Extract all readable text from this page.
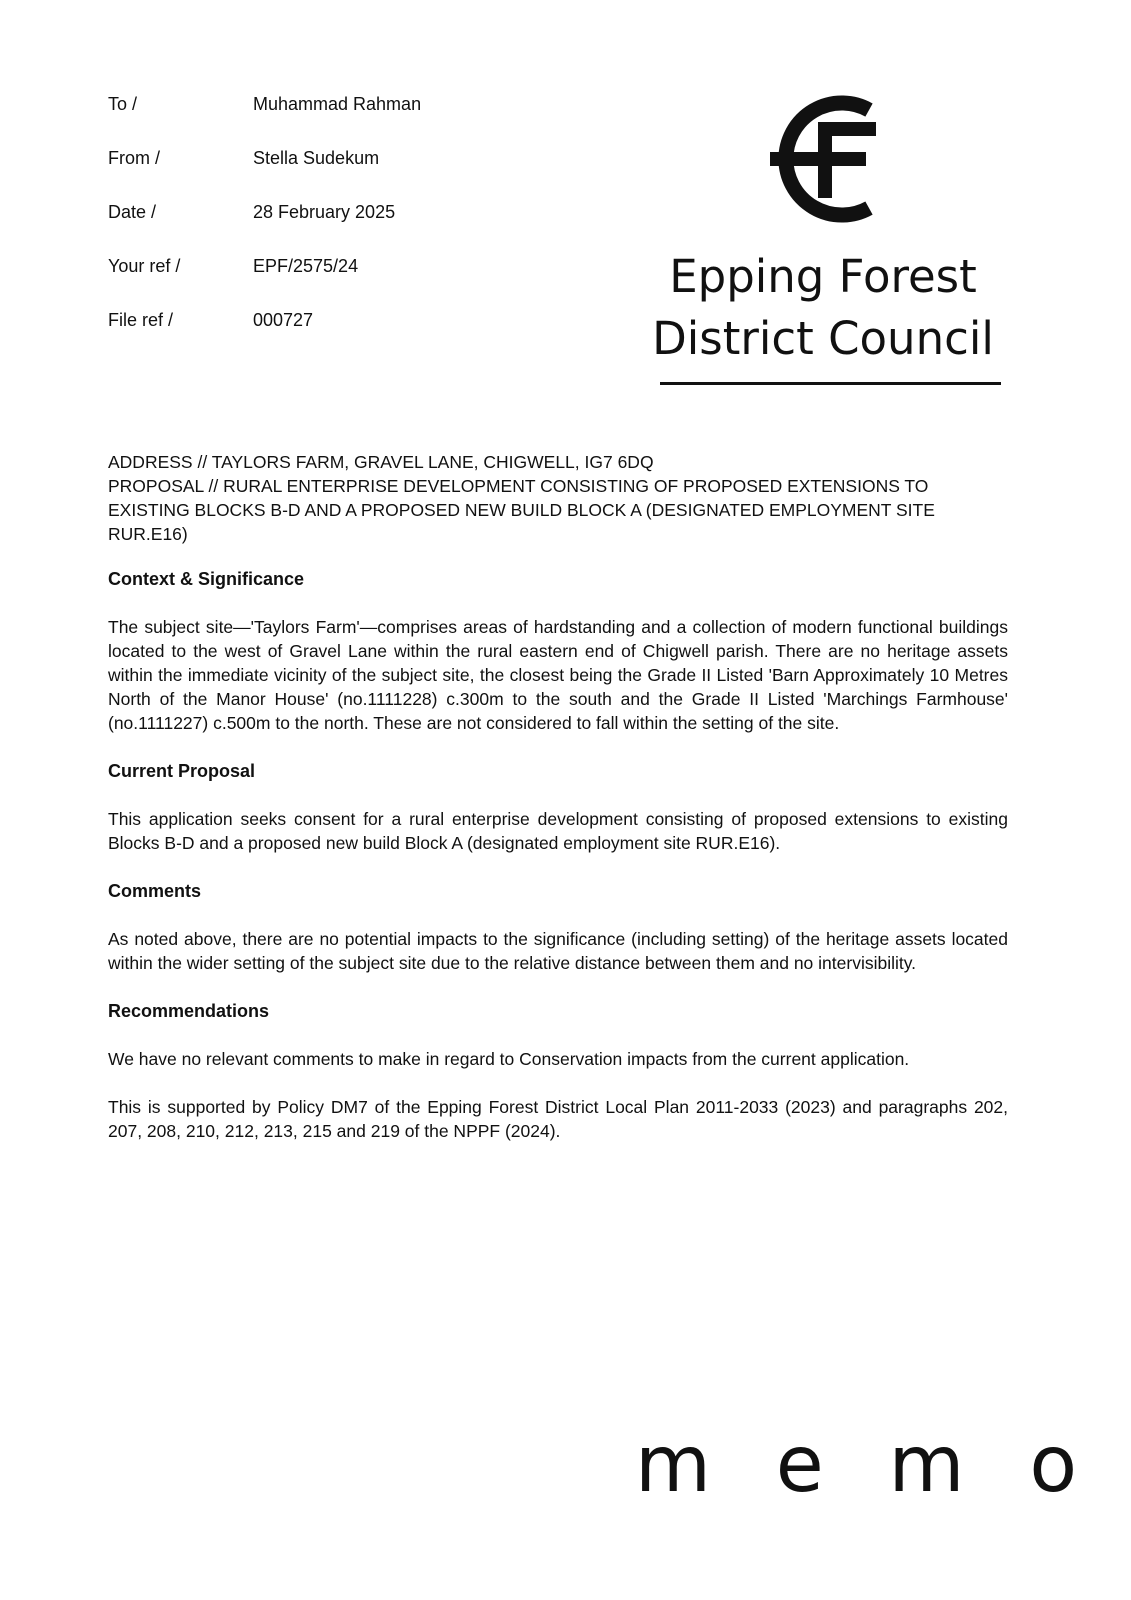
To /	Muhammad Rahman
From /	Stella Sudekum
Date /	28 February 2025
Your ref /	EPF/2575/24
File ref /	000727
Epping Forest
District Council

ADDRESS // TAYLORS FARM, GRAVEL LANE, CHIGWELL, IG7 6DQ

PROPOSAL // RURAL ENTERPRISE DEVELOPMENT CONSISTING OF PROPOSED EXTENSIONS TO EXISTING BLOCKS B-D AND A PROPOSED NEW BUILD BLOCK A (DESIGNATED EMPLOYMENT SITE RUR.E16)

Context & Significance

The subject site—'Taylors Farm'—comprises areas of hardstanding and a collection of modern functional buildings located to the west of Gravel Lane within the rural eastern end of Chigwell parish. There are no heritage assets within the immediate vicinity of the subject site, the closest being the Grade II Listed 'Barn Approximately 10 Metres North of the Manor House' (no.1111228) c.300m to the south and the Grade II Listed 'Marchings Farmhouse' (no.1111227) c.500m to the north. These are not considered to fall within the setting of the site.

Current Proposal

This application seeks consent for a rural enterprise development consisting of proposed extensions to existing Blocks B-D and a proposed new build Block A (designated employment site RUR.E16).

Comments

As noted above, there are no potential impacts to the significance (including setting) of the heritage assets located within the wider setting of the subject site due to the relative distance between them and no intervisibility.

Recommendations

We have no relevant comments to make in regard to Conservation impacts from the current application.

This is supported by Policy DM7 of the Epping Forest District Local Plan 2011-2033 (2023) and paragraphs 202, 207, 208, 210, 212, 213, 215 and 219 of the NPPF (2024).

m e m o
